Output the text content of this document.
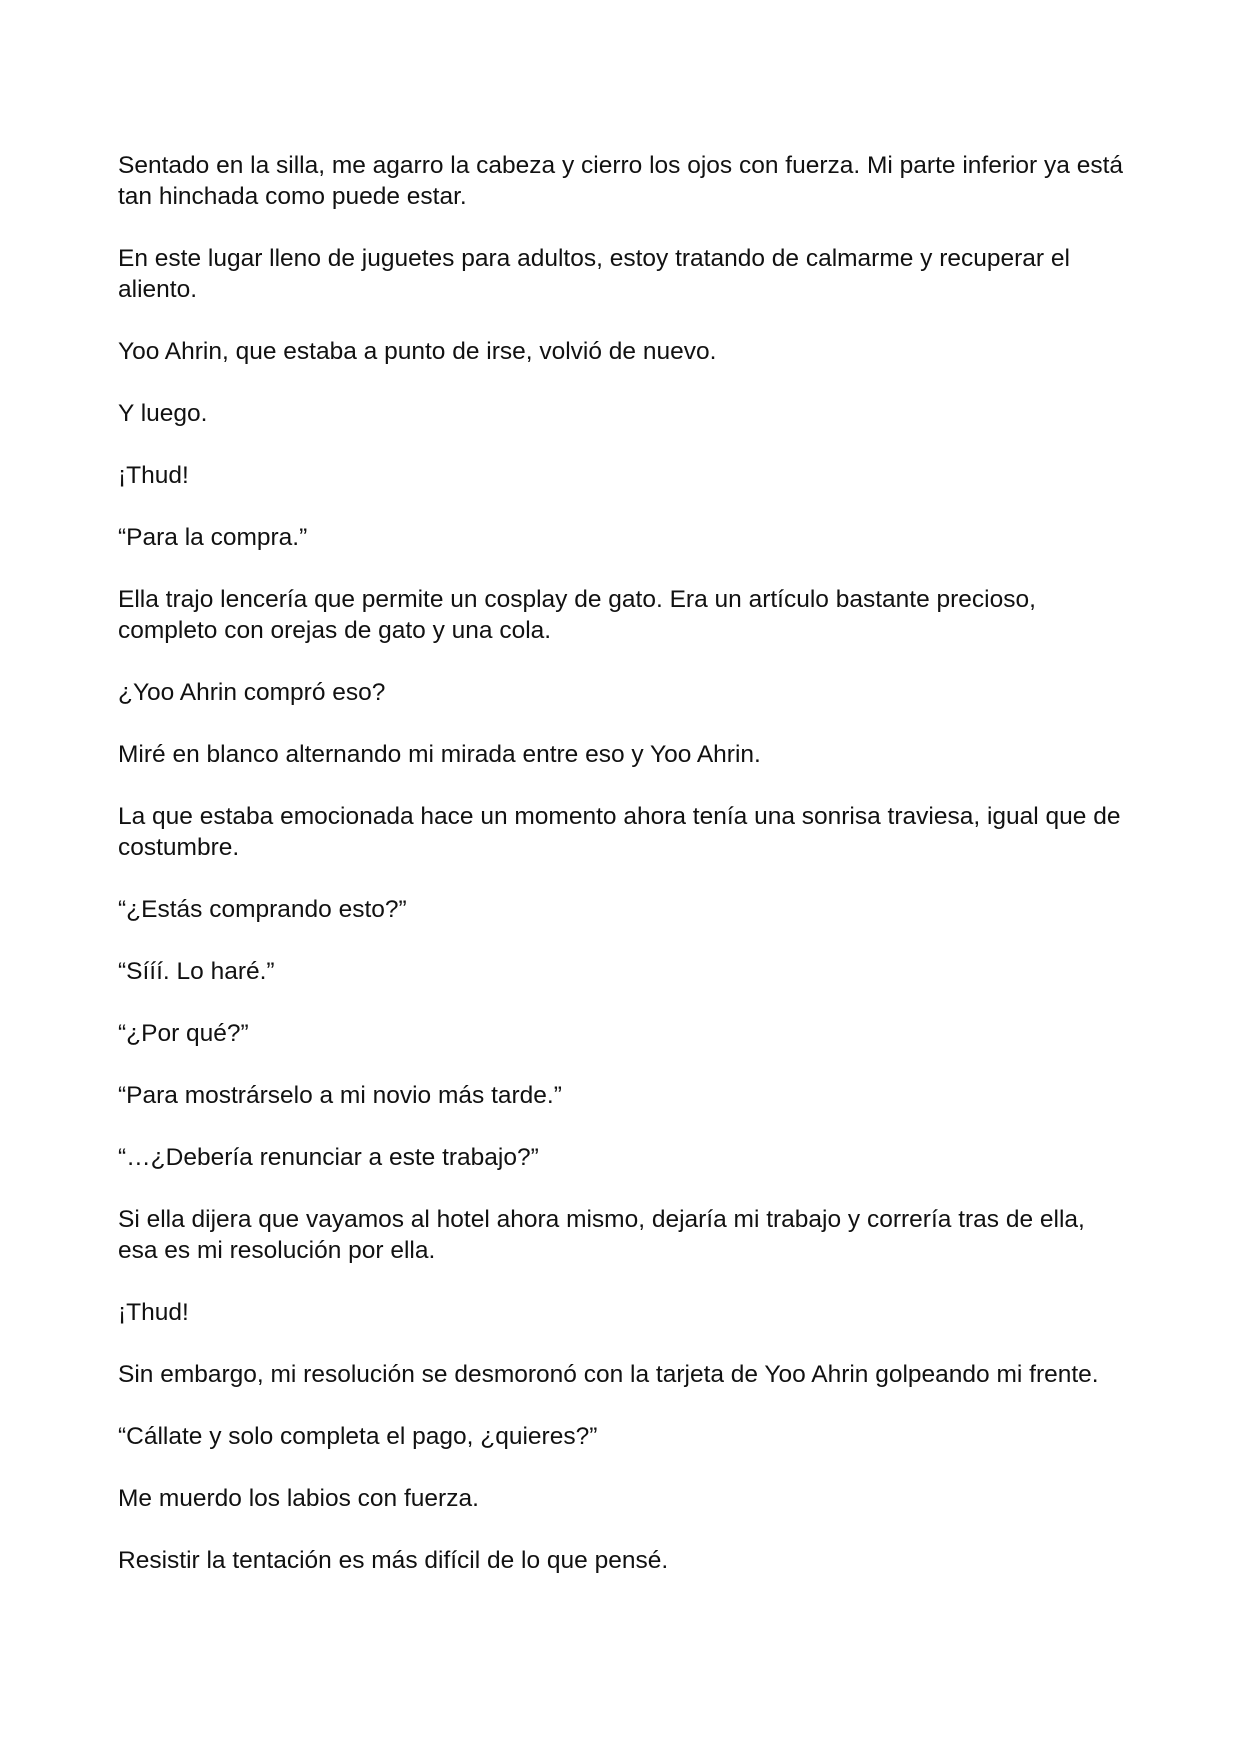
Sentado en la silla, me agarro la cabeza y cierro los ojos con fuerza. Mi parte inferior ya está tan hinchada como puede estar.

En este lugar lleno de juguetes para adultos, estoy tratando de calmarme y recuperar el aliento.

Yoo Ahrin, que estaba a punto de irse, volvió de nuevo.

Y luego.

¡Thud!

“Para la compra.”

Ella trajo lencería que permite un cosplay de gato. Era un artículo bastante precioso, completo con orejas de gato y una cola.

¿Yoo Ahrin compró eso?

Miré en blanco alternando mi mirada entre eso y Yoo Ahrin.

La que estaba emocionada hace un momento ahora tenía una sonrisa traviesa, igual que de costumbre.

“¿Estás comprando esto?”

“Sííí. Lo haré.”

“¿Por qué?”

“Para mostrárselo a mi novio más tarde.”

“…¿Debería renunciar a este trabajo?”

Si ella dijera que vayamos al hotel ahora mismo, dejaría mi trabajo y correría tras de ella, esa es mi resolución por ella.

¡Thud!

Sin embargo, mi resolución se desmoronó con la tarjeta de Yoo Ahrin golpeando mi frente.

“Cállate y solo completa el pago, ¿quieres?”

Me muerdo los labios con fuerza.

Resistir la tentación es más difícil de lo que pensé.
